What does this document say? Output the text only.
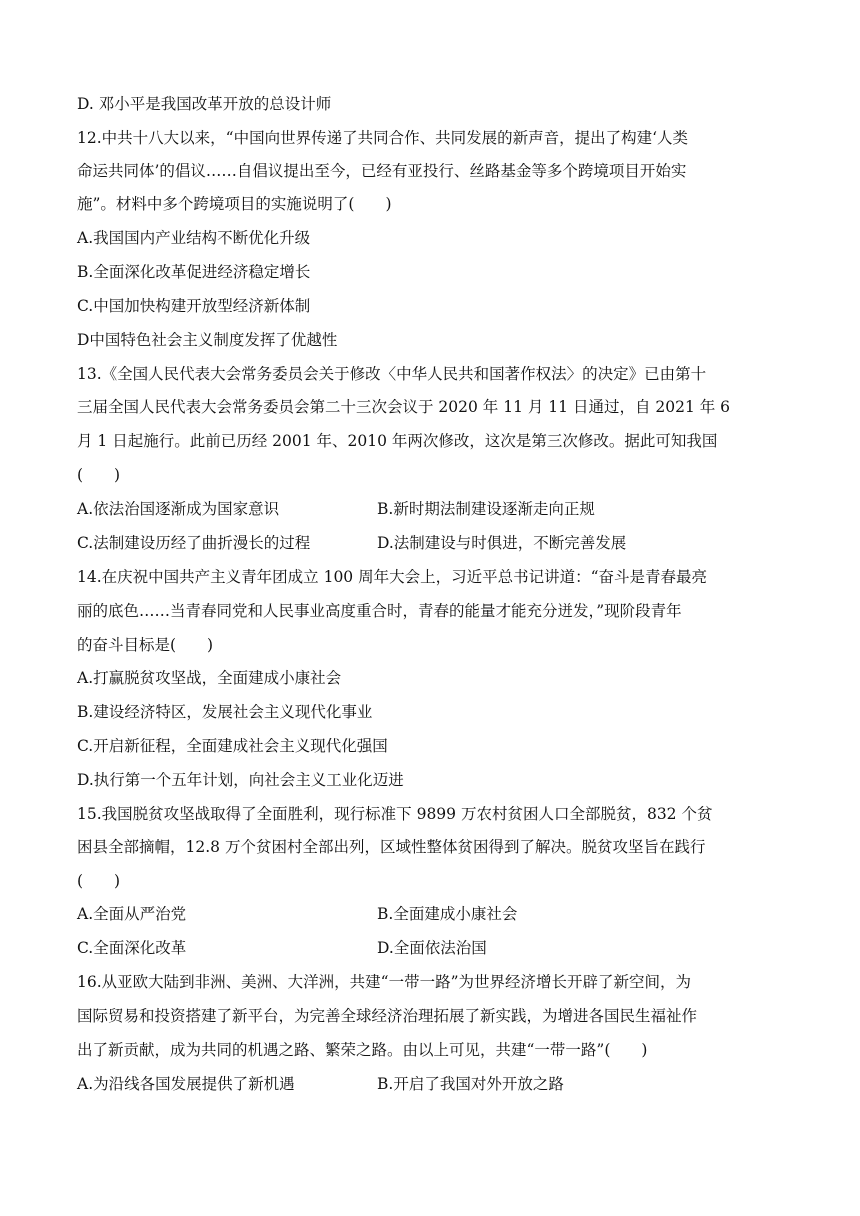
D. 邓小平是我国改革开放的总设计师
12.中共十八大以来，“中国向世界传递了共同合作、共同发展的新声音，提出了构建‘人类
命运共同体’的倡议……自倡议提出至今，已经有亚投行、丝路基金等多个跨境项目开始实
施”。材料中多个跨境项目的实施说明了(　　)
A.我国国内产业结构不断优化升级
B.全面深化改革促进经济稳定增长
C.中国加快构建开放型经济新体制
D中国特色社会主义制度发挥了优越性
13.《全国人民代表大会常务委员会关于修改〈中华人民共和国著作权法〉的决定》已由第十
三届全国人民代表大会常务委员会第二十三次会议于 2020 年 11 月 11 日通过，自 2021 年 6
月 1 日起施行。此前已历经 2001 年、2010 年两次修改，这次是第三次修改。据此可知我国
(　　)
A.依法治国逐渐成为国家意识	B.新时期法制建设逐渐走向正规
C.法制建设历经了曲折漫长的过程	D.法制建设与时俱进，不断完善发展
14.在庆祝中国共产主义青年团成立 100 周年大会上，习近平总书记讲道：“奋斗是青春最亮
丽的底色……当青春同党和人民事业高度重合时，青春的能量才能充分迸发，”现阶段青年
的奋斗目标是(　　)
A.打赢脱贫攻坚战，全面建成小康社会
B.建设经济特区，发展社会主义现代化事业
C.开启新征程，全面建成社会主义现代化强国
D.执行第一个五年计划，向社会主义工业化迈进
15.我国脱贫攻坚战取得了全面胜利，现行标准下 9899 万农村贫困人口全部脱贫，832 个贫
困县全部摘帽，12.8 万个贫困村全部出列，区域性整体贫困得到了解决。脱贫攻坚旨在践行
(　　)
A.全面从严治党	B.全面建成小康社会
C.全面深化改革	D.全面依法治国
16.从亚欧大陆到非洲、美洲、大洋洲，共建“一带一路”为世界经济增长开辟了新空间，为
国际贸易和投资搭建了新平台，为完善全球经济治理拓展了新实践，为增进各国民生福祉作
出了新贡献，成为共同的机遇之路、繁荣之路。由以上可见，共建“一带一路”(　　)
A.为沿线各国发展提供了新机遇	B.开启了我国对外开放之路
